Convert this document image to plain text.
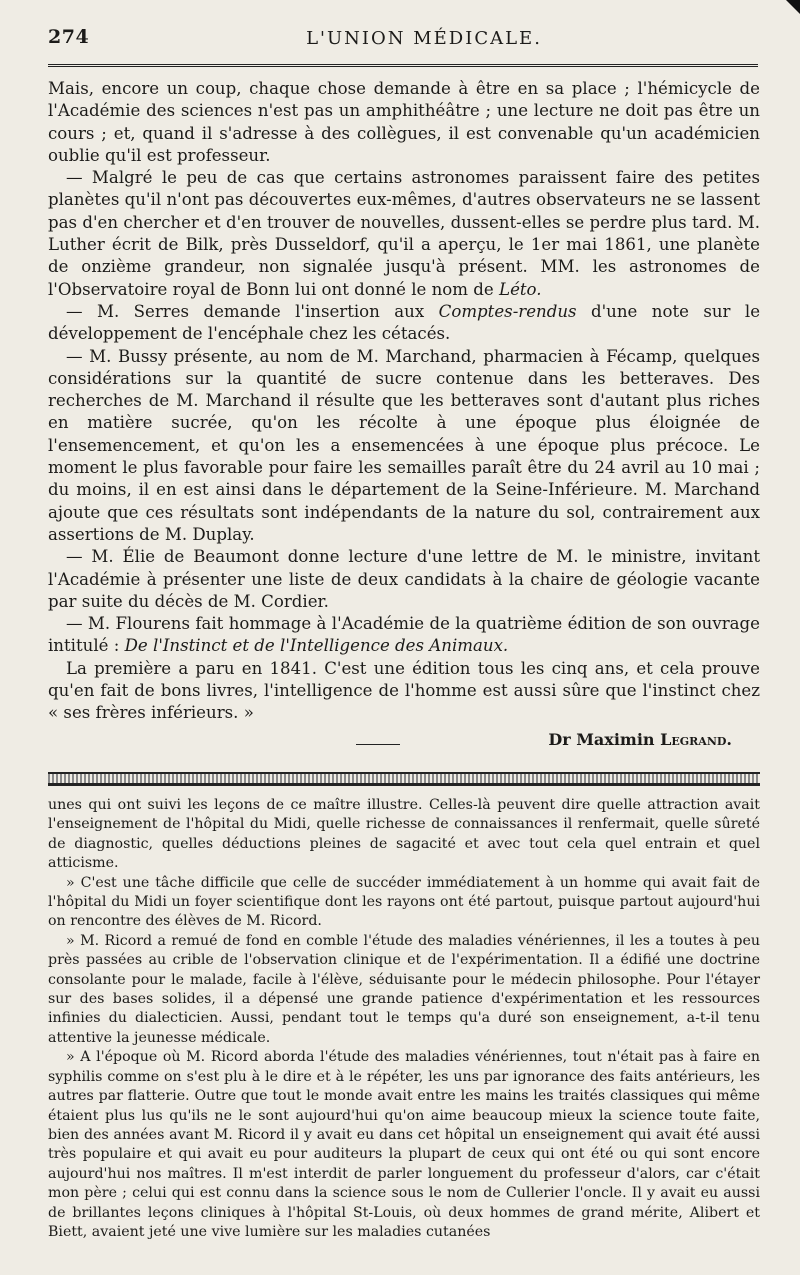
274	L'UNION MÉDICALE.

Mais, encore un coup, chaque chose demande à être en sa place ; l'hémicycle de l'Académie des sciences n'est pas un amphithéâtre ; une lecture ne doit pas être un cours ; et, quand il s'adresse à des collègues, il est convenable qu'un académicien oublie qu'il est professeur.

— Malgré le peu de cas que certains astronomes paraissent faire des petites planètes qu'il n'ont pas découvertes eux-mêmes, d'autres observateurs ne se lassent pas d'en chercher et d'en trouver de nouvelles, dussent-elles se perdre plus tard. M. Luther écrit de Bilk, près Dusseldorf, qu'il a aperçu, le 1er mai 1861, une planète de onzième grandeur, non signalée jusqu'à présent. MM. les astronomes de l'Observatoire royal de Bonn lui ont donné le nom de Léto.

— M. Serres demande l'insertion aux Comptes-rendus d'une note sur le développement de l'encéphale chez les cétacés.

— M. Bussy présente, au nom de M. Marchand, pharmacien à Fécamp, quelques considérations sur la quantité de sucre contenue dans les betteraves. Des recherches de M. Marchand il résulte que les betteraves sont d'autant plus riches en matière sucrée, qu'on les récolte à une époque plus éloignée de l'ensemencement, et qu'on les a ensemencées à une époque plus précoce. Le moment le plus favorable pour faire les semailles paraît être du 24 avril au 10 mai ; du moins, il en est ainsi dans le département de la Seine-Inférieure. M. Marchand ajoute que ces résultats sont indépendants de la nature du sol, contrairement aux assertions de M. Duplay.

— M. Élie de Beaumont donne lecture d'une lettre de M. le ministre, invitant l'Académie à présenter une liste de deux candidats à la chaire de géologie vacante par suite du décès de M. Cordier.

— M. Flourens fait hommage à l'Académie de la quatrième édition de son ouvrage intitulé : De l'Instinct et de l'Intelligence des Animaux.

La première a paru en 1841. C'est une édition tous les cinq ans, et cela prouve qu'en fait de bons livres, l'intelligence de l'homme est aussi sûre que l'instinct chez « ses frères inférieurs. »

Dr Maximin Legrand.

unes qui ont suivi les leçons de ce maître illustre. Celles-là peuvent dire quelle attraction avait l'enseignement de l'hôpital du Midi, quelle richesse de connaissances il renfermait, quelle sûreté de diagnostic, quelles déductions pleines de sagacité et avec tout cela quel entrain et quel atticisme.

» C'est une tâche difficile que celle de succéder immédiatement à un homme qui avait fait de l'hôpital du Midi un foyer scientifique dont les rayons ont été partout, puisque partout aujourd'hui on rencontre des élèves de M. Ricord.

» M. Ricord a remué de fond en comble l'étude des maladies vénériennes, il les a toutes à peu près passées au crible de l'observation clinique et de l'expérimentation. Il a édifié une doctrine consolante pour le malade, facile à l'élève, séduisante pour le médecin philosophe. Pour l'étayer sur des bases solides, il a dépensé une grande patience d'expérimentation et les ressources infinies du dialecticien. Aussi, pendant tout le temps qu'a duré son enseignement, a-t-il tenu attentive la jeunesse médicale.

» A l'époque où M. Ricord aborda l'étude des maladies vénériennes, tout n'était pas à faire en syphilis comme on s'est plu à le dire et à le répéter, les uns par ignorance des faits antérieurs, les autres par flatterie. Outre que tout le monde avait entre les mains les traités classiques qui même étaient plus lus qu'ils ne le sont aujourd'hui qu'on aime beaucoup mieux la science toute faite, bien des années avant M. Ricord il y avait eu dans cet hôpital un enseignement qui avait été aussi très populaire et qui avait eu pour auditeurs la plupart de ceux qui ont été ou qui sont encore aujourd'hui nos maîtres. Il m'est interdit de parler longuement du professeur d'alors, car c'était mon père ; celui qui est connu dans la science sous le nom de Cullerier l'oncle. Il y avait eu aussi de brillantes leçons cliniques à l'hôpital St-Louis, où deux hommes de grand mérite, Alibert et Biett, avaient jeté une vive lumière sur les maladies cutanées
